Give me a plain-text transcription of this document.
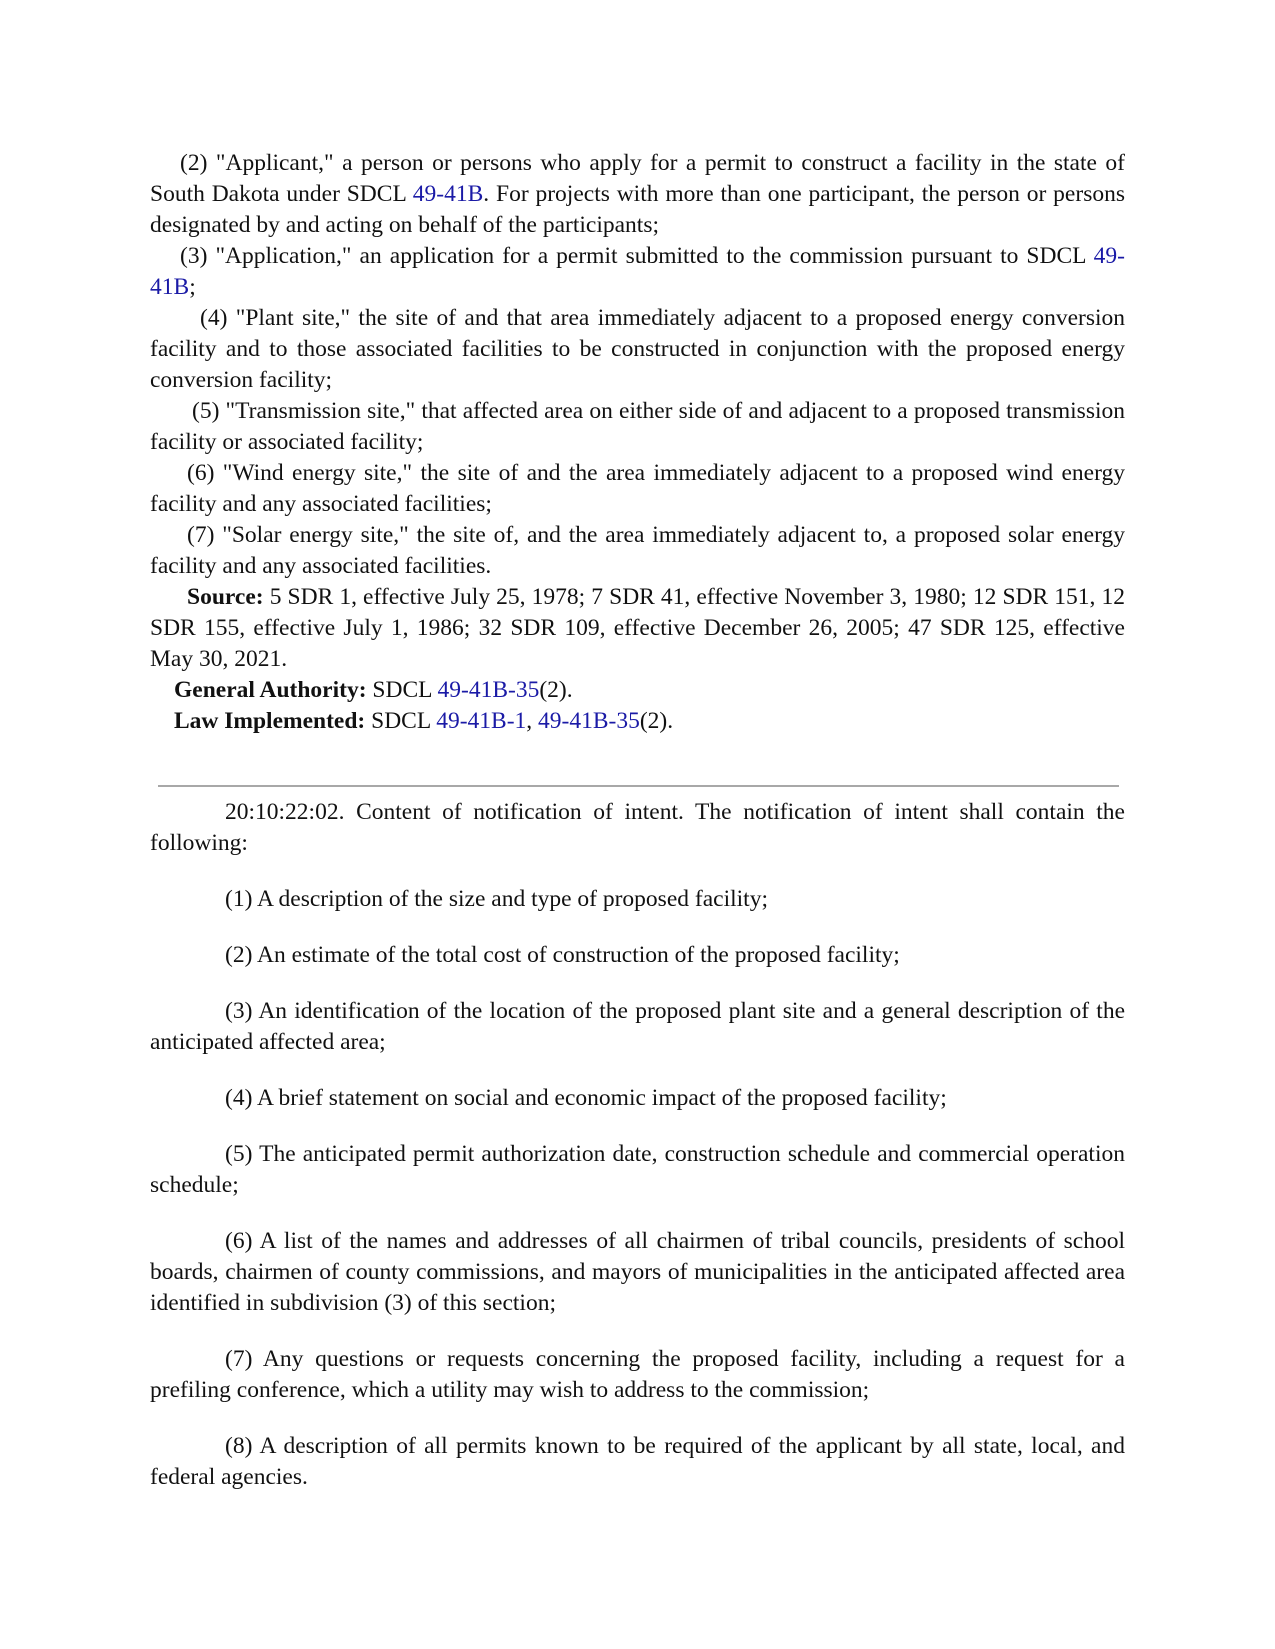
(2) "Applicant," a person or persons who apply for a permit to construct a facility in the state of South Dakota under SDCL 49-41B. For projects with more than one participant, the person or persons designated by and acting on behalf of the participants;

(3) "Application," an application for a permit submitted to the commission pursuant to SDCL 49-41B;

(4) "Plant site," the site of and that area immediately adjacent to a proposed energy conversion facility and to those associated facilities to be constructed in conjunction with the proposed energy conversion facility;

(5) "Transmission site," that affected area on either side of and adjacent to a proposed transmission facility or associated facility;

(6) "Wind energy site," the site of and the area immediately adjacent to a proposed wind energy facility and any associated facilities;

(7) "Solar energy site," the site of, and the area immediately adjacent to, a proposed solar energy facility and any associated facilities.

Source: 5 SDR 1, effective July 25, 1978; 7 SDR 41, effective November 3, 1980; 12 SDR 151, 12 SDR 155, effective July 1, 1986; 32 SDR 109, effective December 26, 2005; 47 SDR 125, effective May 30, 2021.

General Authority: SDCL 49-41B-35(2).

Law Implemented: SDCL 49-41B-1, 49-41B-35(2).

20:10:22:02. Content of notification of intent. The notification of intent shall contain the following:

(1) A description of the size and type of proposed facility;

(2) An estimate of the total cost of construction of the proposed facility;

(3) An identification of the location of the proposed plant site and a general description of the anticipated affected area;

(4) A brief statement on social and economic impact of the proposed facility;

(5) The anticipated permit authorization date, construction schedule and commercial operation schedule;

(6) A list of the names and addresses of all chairmen of tribal councils, presidents of school boards, chairmen of county commissions, and mayors of municipalities in the anticipated affected area identified in subdivision (3) of this section;

(7) Any questions or requests concerning the proposed facility, including a request for a prefiling conference, which a utility may wish to address to the commission;

(8) A description of all permits known to be required of the applicant by all state, local, and federal agencies.
